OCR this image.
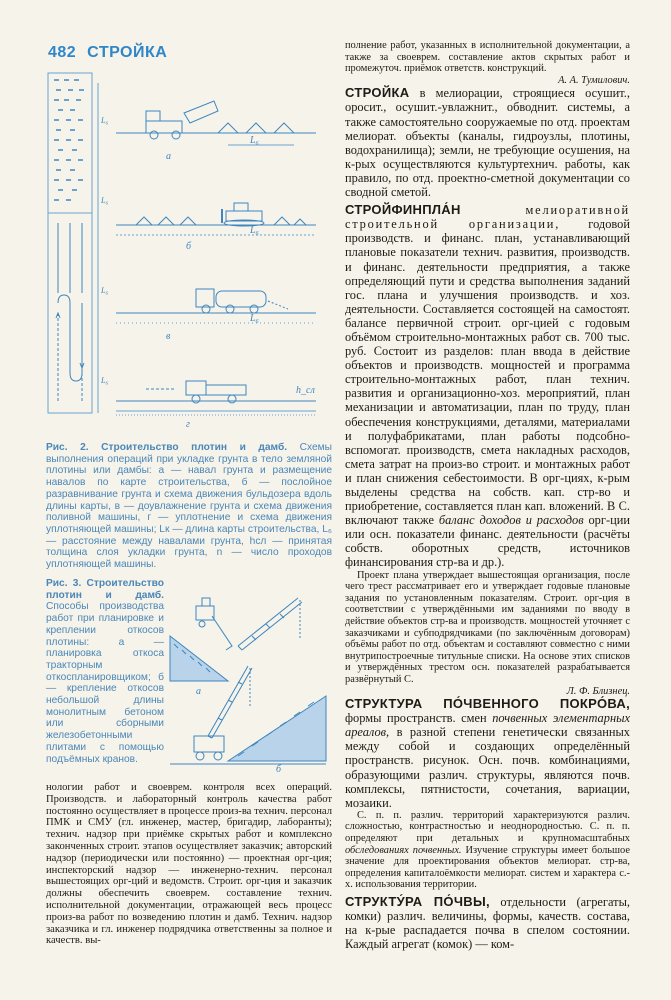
482 СТРОЙКА
a
б
в
г
L₆
L₆
L₆
h_сл
L₆
L₆
L₆
L₆
Рис. 2. Строительство плотин и дамб. Схемы выполнения операций при укладке грунта в тело земляной плотины или дамбы: а — навал грунта и размещение навалов по карте строительства, б — послойное разравнивание грунта и схема движения бульдозера вдоль длины карты, в — доувлажнение грунта и схема движения поливной машины, г — уплотнение и схема движения уплотняющей машины; Lк — длина карты строительства, L₆ — расстояние между навалами грунта, hсл — принятая толщина слоя укладки грунта, n — число проходов уплотняющей машины.
Рис. 3. Строительство плотин и дамб. Способы производства работ при планировке и креплении откосов плотины: а — планировка откоса тракторным откоспланировщиком; б — крепление откосов небольшой длины монолитным бетоном или сборными железобетонными плитами с помощью подъёмных кранов.
а
б
нологии работ и своеврем. контроля всех операций. Производств. и лабораторный контроль качества работ постоянно осуществляет в процессе произ-ва технич. персонал ПМК и СМУ (гл. инженер, мастер, бригадир, лаборанты); технич. надзор при приёмке скрытых работ и комплексно законченных строит. этапов осуществляет заказчик; авторский надзор (периодически или постоянно) — проектная орг-ция; инспекторский надзор — инженерно-технич. персонал вышестоящих орг-ций и ведомств. Строит. орг-ция и заказчик должны обеспечить своеврем. составление технич. исполнительной документации, отражающей весь процесс произ-ва работ по возведению плотин и дамб. Технич. надзор заказчика и гл. инженер подрядчика ответственны за полное и качеств. вы-

полнение работ, указанных в исполнительной документации, а также за своеврем. составление актов скрытых работ и промежуточ. приёмок ответств. конструкций.

А. А. Тумилович.

СТРОЙКА в мелиорации, строящиеся осушит., ороcит., осушит.-увлажнит., обводнит. системы, а также самостоятельно сооружаемые по отд. проектам мелиорат. объекты (каналы, гидроузлы, плотины, водохранилища); земли, не требующие осушения, на к-рых осуществляются культуртехнич. работы, как правило, по отд. проектно-сметной документации со сводной сметой.

СТРОЙФИНПЛА́Н	мелиоративной строительной организации, годовой производств. и финанс. план, устанавливающий плановые показатели технич. развития, производств. и финанс. деятельности предприятия, а также определяющий пути и средства выполнения заданий гос. плана и улучшения производств. и хоз. деятельности. Составляется состоящей на самостоят. балансе первичной строит. орг-цией с годовым объёмом строительно-монтажных работ св. 700 тыс. руб. Состоит из разделов: план ввода в действие объектов и производств. мощностей и программа строительно-монтажных работ, план технич. развития и организационно-хоз. мероприятий, план механизации и автоматизации, план по труду, план обеспечения конструкциями, деталями, материалами и полуфабрикатами, план работы подсобно-вспомогат. производств, смета накладных расходов, смета затрат на произ-во строит. и монтажных работ и план снижения себестоимости. В орг-циях, к-рым выделены средства на собств. кап. стр-во и приобретение, составляется план кап. вложений. В С. включают также баланс доходов и расходов орг-ции или осн. показатели финанс. деятельности (расчёты собств. оборотных средств, источников финансирования стр-ва и др.).

Проект плана утверждает вышестоящая организация, после чего трест рассматривает его и утверждает годовые плановые задания по установленным показателям. Строит. орг-ция в соответствии с утверждёнными им заданиями по вводу в действие объектов стр-ва и производств. мощностей уточняет с заказчиками и субподрядчиками (по заключённым договорам) объёмы работ по отд. объектам и составляют совместно с ними внутрипостроечные титульные списки. На основе этих списков и утверждённых трестом осн. показателей разрабатывается развёрнутый С.

Л. Ф. Близнец.

СТРУКТУРА ПО́ЧВЕННОГО ПОКРО́ВА, формы пространств. смен почвенных элементарных ареалов, в разной степени генетически связанных между собой и создающих определённый пространств. рисунок. Осн. почв. комбинациями, образующими различ. структуры, являются почв. комплексы, пятнистости, сочетания, вариации, мозаики.

С. п. п. различ. территорий характеризуются различ. сложностью, контрастностью и неоднородностью. С. п. п. определяют при детальных и крупномасштабных обследованиях почвенных. Изучение структуры имеет большое значение для проектирования объектов мелиорат. стр-ва, определения капиталоёмкости мелиорат. систем и характера с.-х. использования территории.

СТРУКТУ́РА ПО́ЧВЫ, отдельности (агрегаты, комки) различ. величины, формы, качеств. состава, на к-рые распадается почва в спелом состоянии. Каждый агрегат (комок) — ком-
